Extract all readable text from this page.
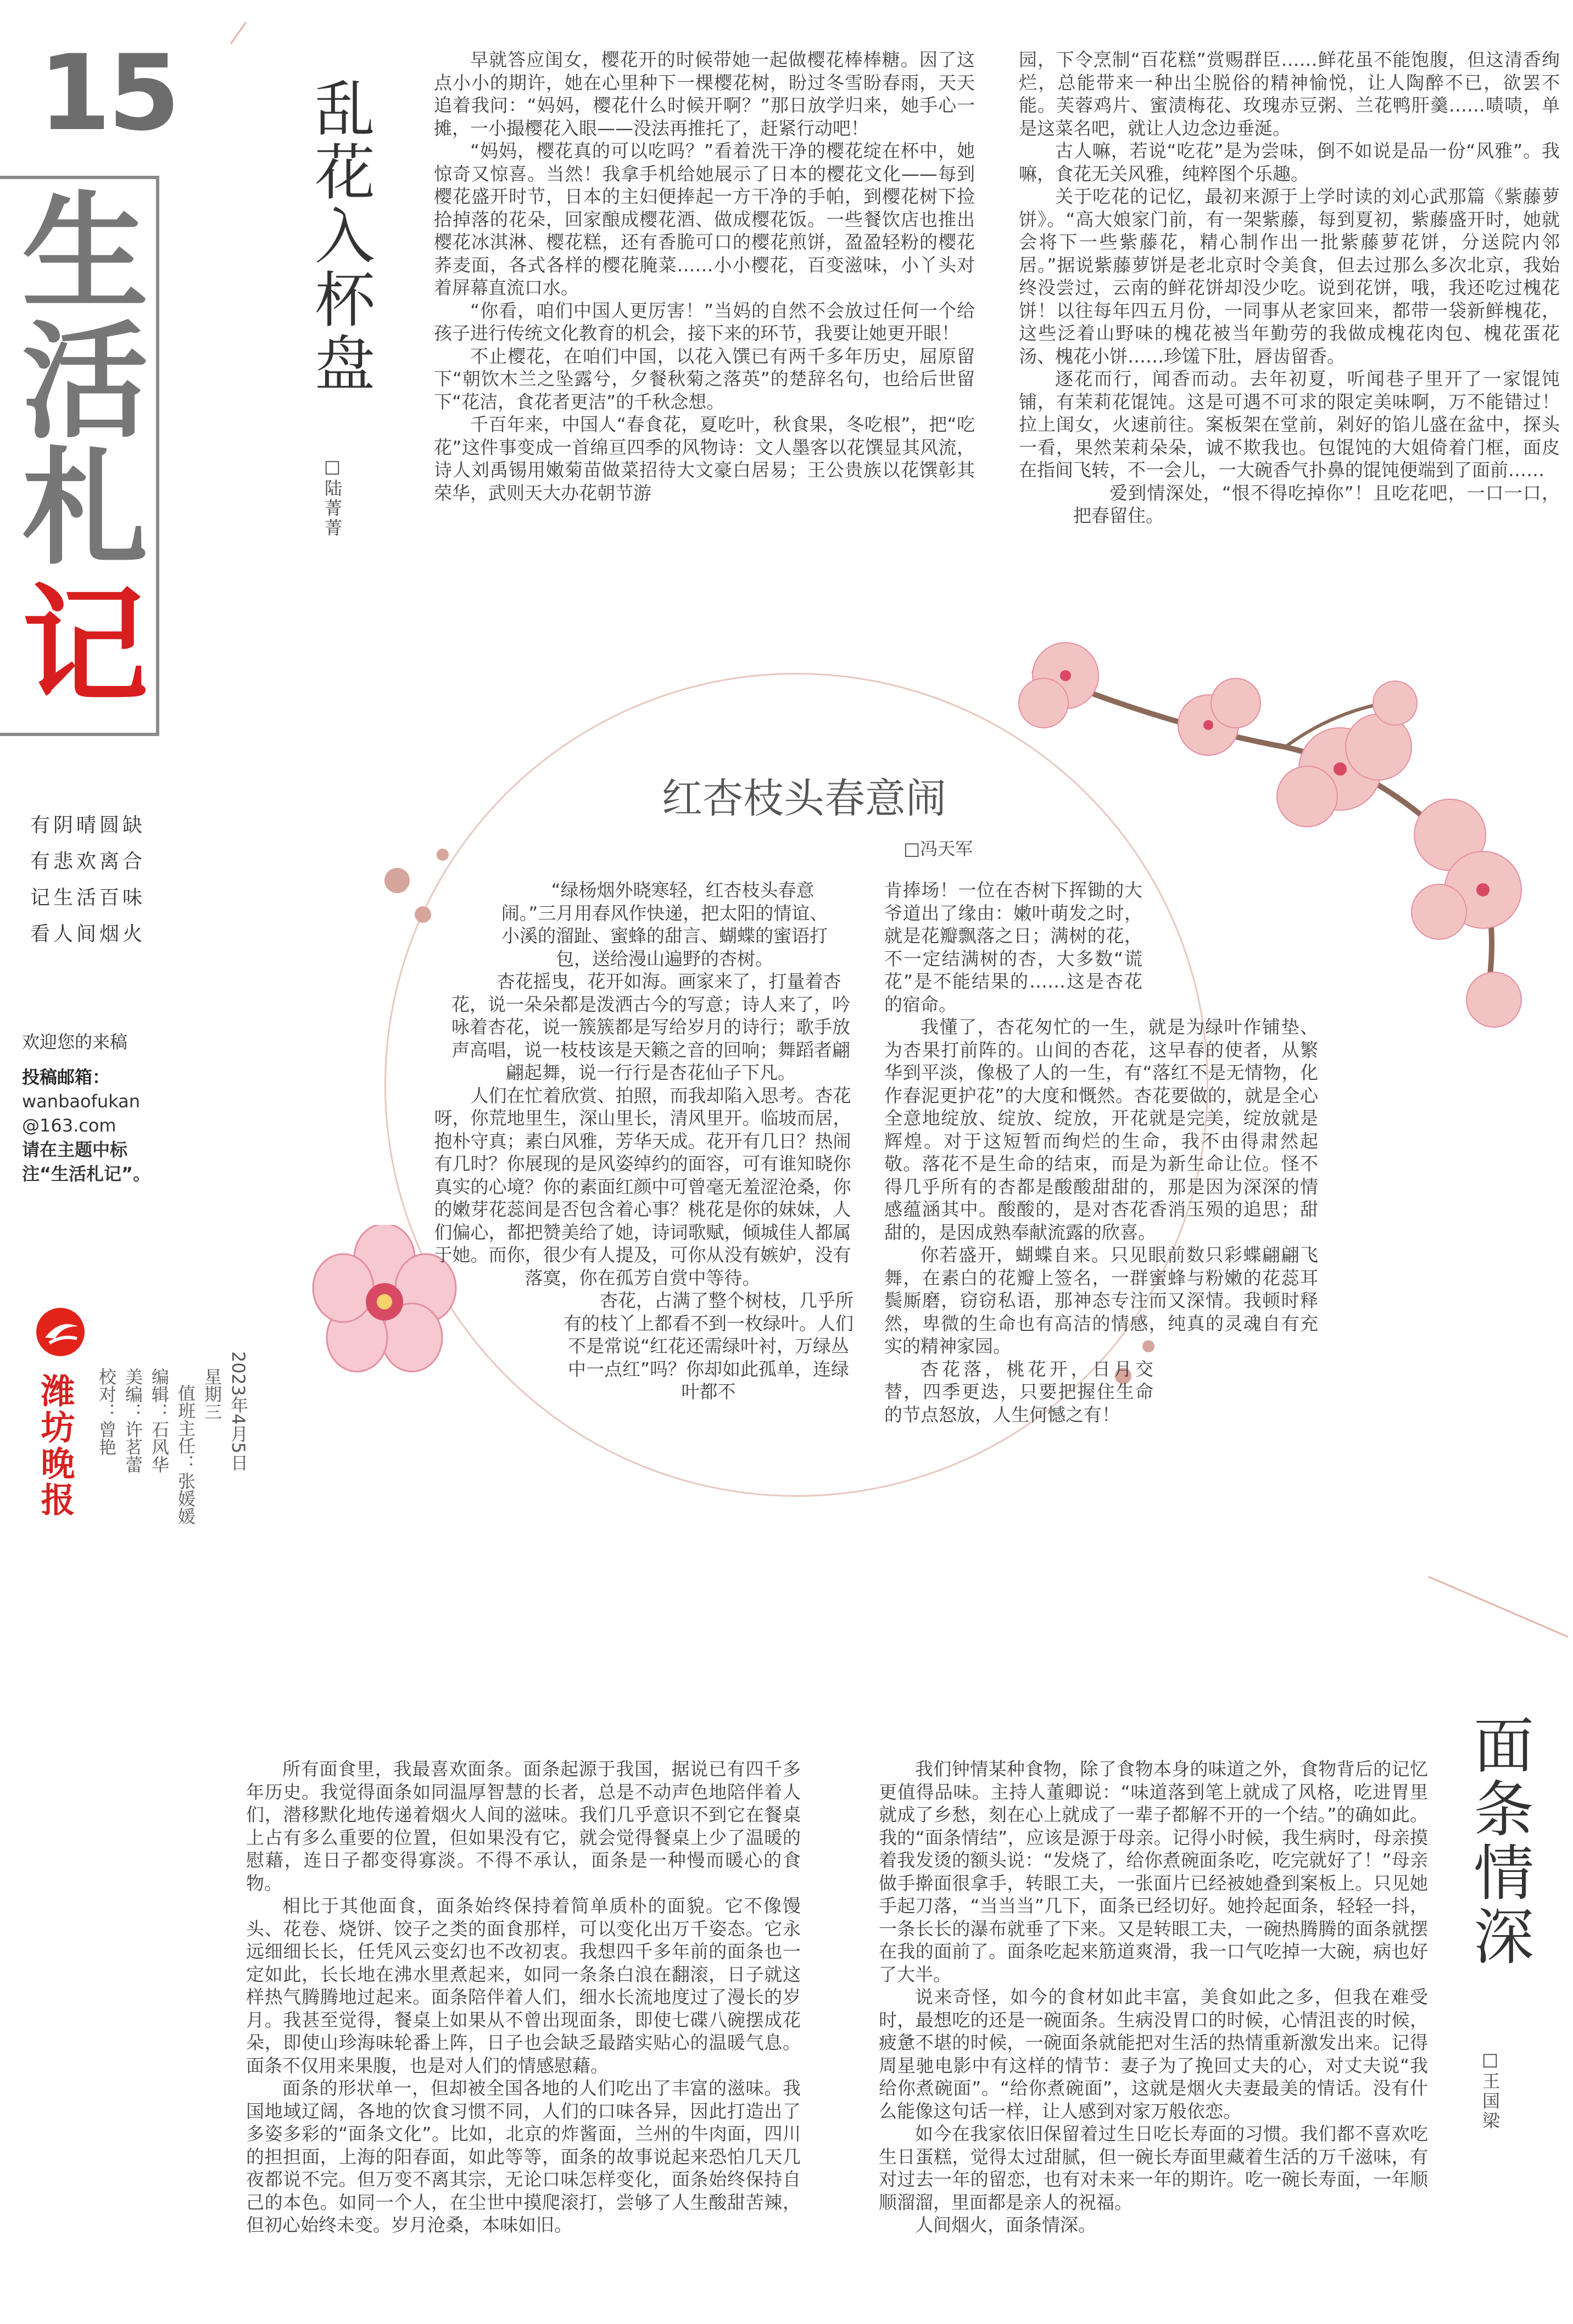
15
生
活
札
记
有阴晴圆缺
有悲欢离合
记生活百味
看人间烟火
欢迎您的来稿
投稿邮箱：
wanbaofukan@163.com
请在主题中标注“生活札记”。
潍坊晚报	2023年4月5日
星期三
值班主任：张媛媛
编辑：石风华
美编：许茗蕾
校对：曾艳
乱花入杯盘
□陆菁菁

早就答应闺女，樱花开的时候带她一起做樱花棒棒糖。因了这点小小的期许，她在心里种下一棵樱花树，盼过冬雪盼春雨，天天追着我问：“妈妈，樱花什么时候开啊？”那日放学归来，她手心一摊，一小撮樱花入眼——没法再推托了，赶紧行动吧！

“妈妈，樱花真的可以吃吗？”看着洗干净的樱花绽在杯中，她惊奇又惊喜。当然！我拿手机给她展示了日本的樱花文化——每到樱花盛开时节，日本的主妇便捧起一方干净的手帕，到樱花树下捡拾掉落的花朵，回家酿成樱花酒、做成樱花饭。一些餐饮店也推出樱花冰淇淋、樱花糕，还有香脆可口的樱花煎饼，盈盈轻粉的樱花荞麦面，各式各样的樱花腌菜……小小樱花，百变滋味，小丫头对着屏幕直流口水。

“你看，咱们中国人更厉害！”当妈的自然不会放过任何一个给孩子进行传统文化教育的机会，接下来的环节，我要让她更开眼！

不止樱花，在咱们中国，以花入馔已有两千多年历史，屈原留下“朝饮木兰之坠露兮，夕餐秋菊之落英”的楚辞名句，也给后世留下“花洁，食花者更洁”的千秋念想。

千百年来，中国人“春食花，夏吃叶，秋食果，冬吃根”，把“吃花”这件事变成一首绵亘四季的风物诗：文人墨客以花馔显其风流，诗人刘禹锡用嫩菊苗做菜招待大文豪白居易；王公贵族以花馔彰其荣华，武则天大办花朝节游

园，下令烹制“百花糕”赏赐群臣……鲜花虽不能饱腹，但这清香绚烂，总能带来一种出尘脱俗的精神愉悦，让人陶醉不已，欲罢不能。芙蓉鸡片、蜜渍梅花、玫瑰赤豆粥、兰花鸭肝羹……啧啧，单是这菜名吧，就让人边念边垂涎。

古人嘛，若说“吃花”是为尝味，倒不如说是品一份“风雅”。我嘛，食花无关风雅，纯粹图个乐趣。

关于吃花的记忆，最初来源于上学时读的刘心武那篇《紫藤萝饼》。“高大娘家门前，有一架紫藤，每到夏初，紫藤盛开时，她就会将下一些紫藤花，精心制作出一批紫藤萝花饼，分送院内邻居。”据说紫藤萝饼是老北京时令美食，但去过那么多次北京，我始终没尝过，云南的鲜花饼却没少吃。说到花饼，哦，我还吃过槐花饼！以往每年四五月份，一同事从老家回来，都带一袋新鲜槐花，这些泛着山野味的槐花被当年勤劳的我做成槐花肉包、槐花蛋花汤、槐花小饼……珍馐下肚，唇齿留香。

逐花而行，闻香而动。去年初夏，听闻巷子里开了一家馄饨铺，有茉莉花馄饨。这是可遇不可求的限定美味啊，万不能错过！拉上闺女，火速前往。案板架在堂前，剁好的馅儿盛在盆中，探头一看，果然茉莉朵朵，诚不欺我也。包馄饨的大姐倚着门框，面皮在指间飞转，不一会儿，一大碗香气扑鼻的馄饨便端到了面前……

爱到情深处，“恨不得吃掉你”！且吃花吧，一口一口，把春留住。

红杏枝头春意闹
□冯天军

“绿杨烟外晓寒轻，红杏枝头春意闹。”三月用春风作快递，把太阳的情谊、小溪的溜趾、蜜蜂的甜言、蝴蝶的蜜语打包，送给漫山遍野的杏树。

杏花摇曳，花开如海。画家来了，打量着杏花，说一朵朵都是泼洒古今的写意；诗人来了，吟咏着杏花，说一簇簇都是写给岁月的诗行；歌手放声高唱，说一枝枝该是天籁之音的回响；舞蹈者翩翩起舞，说一行行是杏花仙子下凡。

人们在忙着欣赏、拍照，而我却陷入思考。杏花呀，你荒地里生，深山里长，清风里开。临坡而居，抱朴守真；素白风雅，芳华天成。花开有几日？热闹有几时？你展现的是风姿绰约的面容，可有谁知晓你真实的心境？你的素面红颜中可曾毫无羞涩沧桑，你的嫩芽花蕊间是否包含着心事？桃花是你的妹妹，人们偏心，都把赞美给了她，诗词歌赋，倾城佳人都属于她。而你，很少有人提及，可你从没有嫉妒，没有落寞，你在孤芳自赏中等待。

杏花，占满了整个树枝，几乎所有的枝丫上都看不到一枚绿叶。人们不是常说“红花还需绿叶衬，万绿丛中一点红”吗？你却如此孤单，连绿叶都不

肯捧场！一位在杏树下挥锄的大爷道出了缘由：嫩叶萌发之时，就是花瓣飘落之日；满树的花，不一定结满树的杏，大多数“谎花”是不能结果的……这是杏花的宿命。

我懂了，杏花匆忙的一生，就是为绿叶作铺垫、为杏果打前阵的。山间的杏花，这早春的使者，从繁华到平淡，像极了人的一生，有“落红不是无情物，化作春泥更护花”的大度和慨然。杏花要做的，就是全心全意地绽放、绽放、绽放，开花就是完美，绽放就是辉煌。对于这短暂而绚烂的生命，我不由得肃然起敬。落花不是生命的结束，而是为新生命让位。怪不得几乎所有的杏都是酸酸甜甜的，那是因为深深的情感蕴涵其中。酸酸的，是对杏花香消玉殒的追思；甜甜的，是因成熟奉献流露的欣喜。

你若盛开，蝴蝶自来。只见眼前数只彩蝶翩翩飞舞，在素白的花瓣上签名，一群蜜蜂与粉嫩的花蕊耳鬓厮磨，窃窃私语，那神态专注而又深情。我顿时释然，卑微的生命也有高洁的情感，纯真的灵魂自有充实的精神家园。

杏花落，桃花开，日月交替，四季更迭，只要把握住生命的节点怒放，人生何憾之有！

面条情深
□王国梁

所有面食里，我最喜欢面条。面条起源于我国，据说已有四千多年历史。我觉得面条如同温厚智慧的长者，总是不动声色地陪伴着人们，潜移默化地传递着烟火人间的滋味。我们几乎意识不到它在餐桌上占有多么重要的位置，但如果没有它，就会觉得餐桌上少了温暖的慰藉，连日子都变得寡淡。不得不承认，面条是一种慢而暖心的食物。

相比于其他面食，面条始终保持着简单质朴的面貌。它不像馒头、花卷、烧饼、饺子之类的面食那样，可以变化出万千姿态。它永远细细长长，任凭风云变幻也不改初衷。我想四千多年前的面条也一定如此，长长地在沸水里煮起来，如同一条条白浪在翻滚，日子就这样热气腾腾地过起来。面条陪伴着人们，细水长流地度过了漫长的岁月。我甚至觉得，餐桌上如果从不曾出现面条，即使七碟八碗摆成花朵，即使山珍海味轮番上阵，日子也会缺乏最踏实贴心的温暖气息。面条不仅用来果腹，也是对人们的情感慰藉。

面条的形状单一，但却被全国各地的人们吃出了丰富的滋味。我国地域辽阔，各地的饮食习惯不同，人们的口味各异，因此打造出了多姿多彩的“面条文化”。比如，北京的炸酱面，兰州的牛肉面，四川的担担面，上海的阳春面，如此等等，面条的故事说起来恐怕几天几夜都说不完。但万变不离其宗，无论口味怎样变化，面条始终保持自己的本色。如同一个人，在尘世中摸爬滚打，尝够了人生酸甜苦辣，但初心始终未变。岁月沧桑，本味如旧。

我们钟情某种食物，除了食物本身的味道之外，食物背后的记忆更值得品味。主持人董卿说：“味道落到笔上就成了风格，吃进胃里就成了乡愁，刻在心上就成了一辈子都解不开的一个结。”的确如此。我的“面条情结”，应该是源于母亲。记得小时候，我生病时，母亲摸着我发烫的额头说：“发烧了，给你煮碗面条吃，吃完就好了！”母亲做手擀面很拿手，转眼工夫，一张面片已经被她叠到案板上。只见她手起刀落，“当当当”几下，面条已经切好。她拎起面条，轻轻一抖，一条长长的瀑布就垂了下来。又是转眼工夫，一碗热腾腾的面条就摆在我的面前了。面条吃起来筋道爽滑，我一口气吃掉一大碗，病也好了大半。

说来奇怪，如今的食材如此丰富，美食如此之多，但我在难受时，最想吃的还是一碗面条。生病没胃口的时候，心情沮丧的时候，疲惫不堪的时候，一碗面条就能把对生活的热情重新激发出来。记得周星驰电影中有这样的情节：妻子为了挽回丈夫的心，对丈夫说“我给你煮碗面”。“给你煮碗面”，这就是烟火夫妻最美的情话。没有什么能像这句话一样，让人感到对家万般依恋。

如今在我家依旧保留着过生日吃长寿面的习惯。我们都不喜欢吃生日蛋糕，觉得太过甜腻，但一碗长寿面里藏着生活的万千滋味，有对过去一年的留恋，也有对未来一年的期许。吃一碗长寿面，一年顺顺溜溜，里面都是亲人的祝福。

人间烟火，面条情深。
